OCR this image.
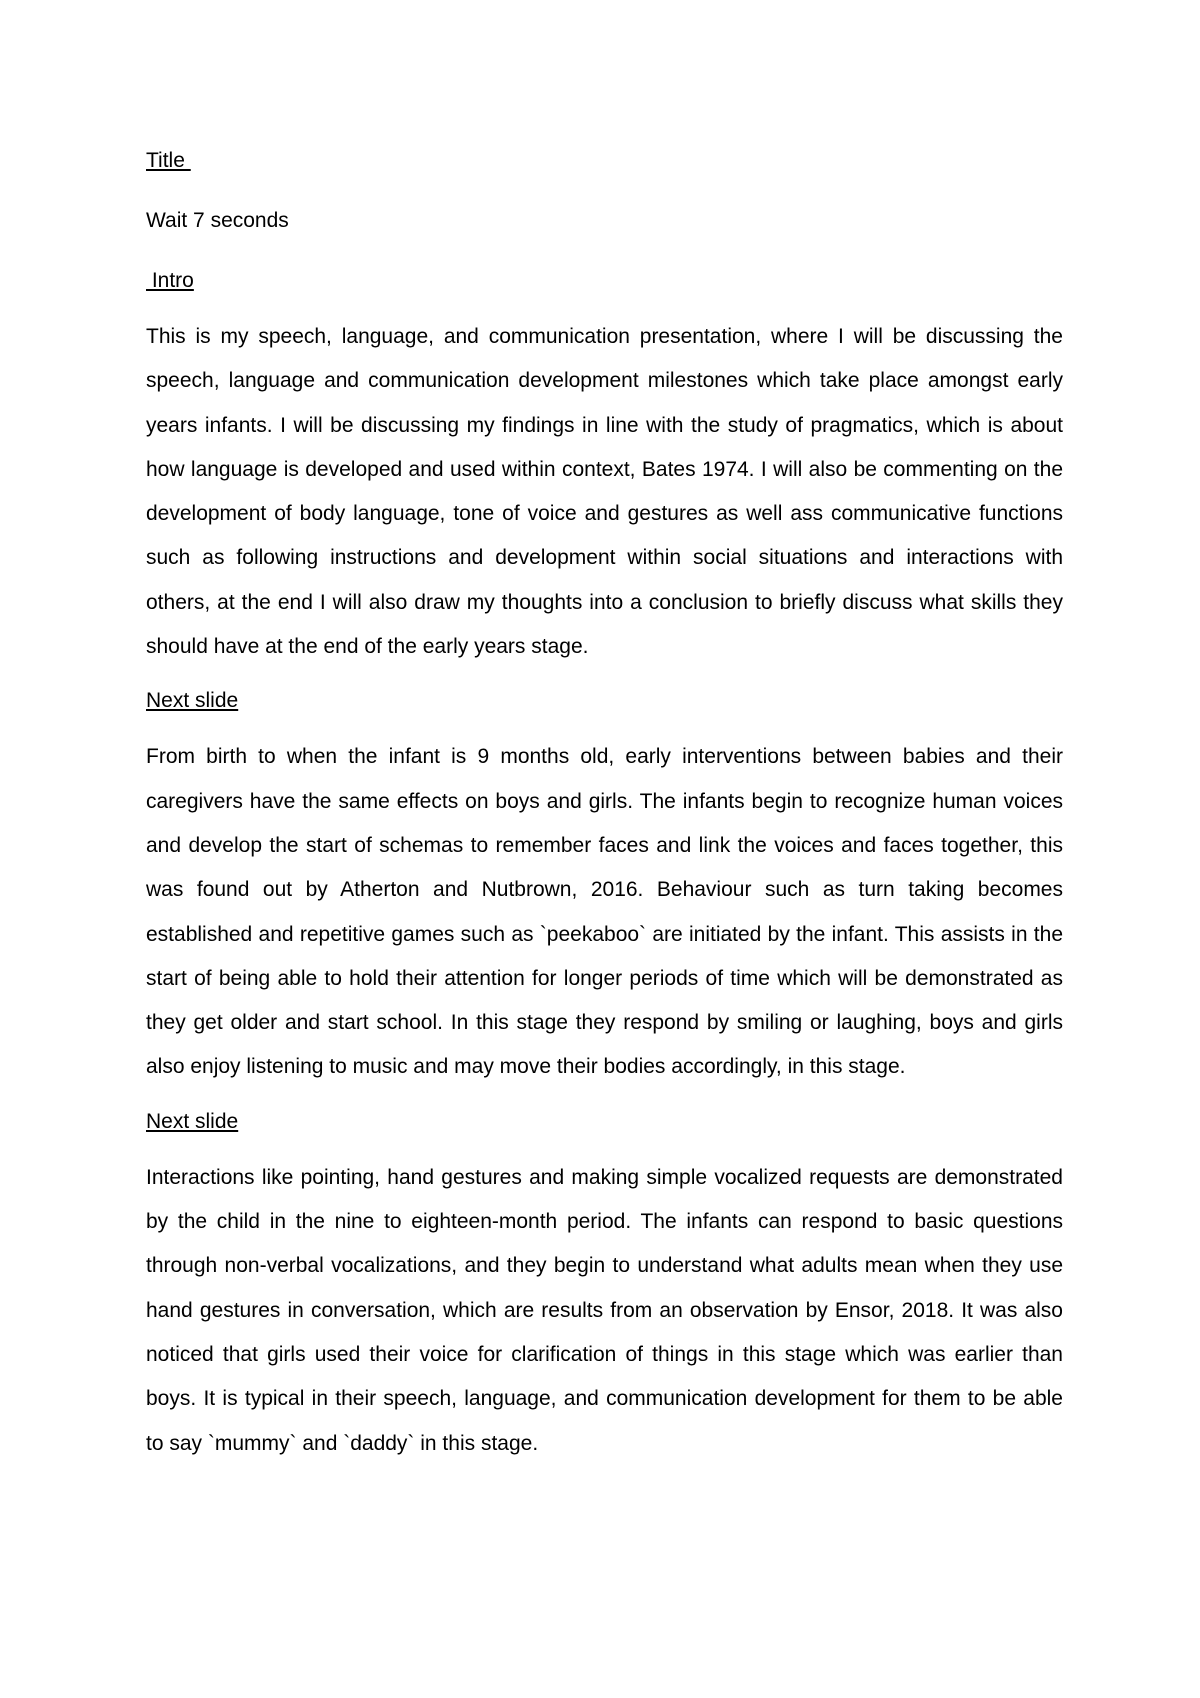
Title

Wait 7 seconds

Intro

This is my speech, language, and communication presentation, where I will be discussing the speech, language and communication development milestones which take place amongst early years infants. I will be discussing my findings in line with the study of pragmatics, which is about how language is developed and used within context, Bates 1974. I will also be commenting on the development of body language, tone of voice and gestures as well ass communicative functions such as following instructions and development within social situations and interactions with others, at the end I will also draw my thoughts into a conclusion to briefly discuss what skills they should have at the end of the early years stage.

Next slide

From birth to when the infant is 9 months old, early interventions between babies and their caregivers have the same effects on boys and girls. The infants begin to recognize human voices and develop the start of schemas to remember faces and link the voices and faces together, this was found out by Atherton and Nutbrown, 2016. Behaviour such as turn taking becomes established and repetitive games such as `peekaboo` are initiated by the infant. This assists in the start of being able to hold their attention for longer periods of time which will be demonstrated as they get older and start school. In this stage they respond by smiling or laughing, boys and girls also enjoy listening to music and may move their bodies accordingly, in this stage.

Next slide

Interactions like pointing, hand gestures and making simple vocalized requests are demonstrated by the child in the nine to eighteen-month period. The infants can respond to basic questions through non-verbal vocalizations, and they begin to understand what adults mean when they use hand gestures in conversation, which are results from an observation by Ensor, 2018. It was also noticed that girls used their voice for clarification of things in this stage which was earlier than boys. It is typical in their speech, language, and communication development for them to be able to say `mummy` and `daddy` in this stage.
